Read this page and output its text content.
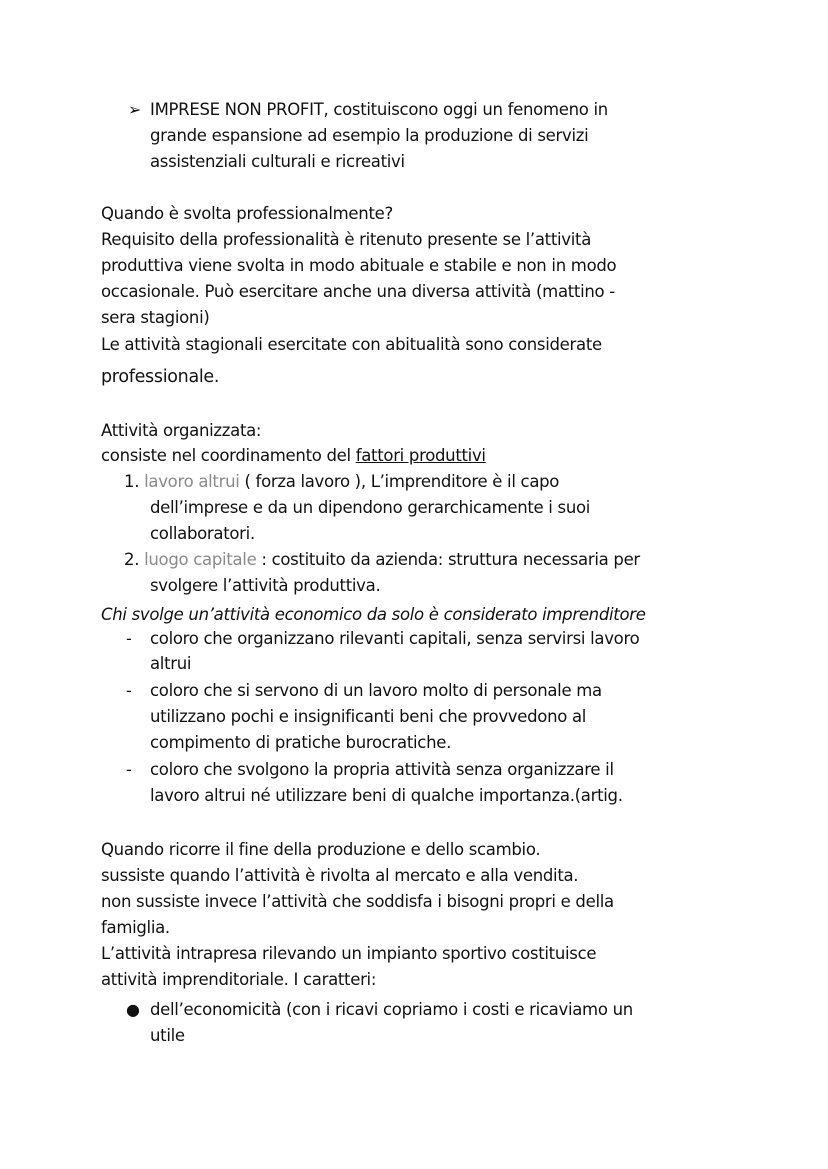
➢ IMPRESE NON PROFIT, costituiscono oggi un fenomeno in
grande espansione ad esempio la produzione di servizi
assistenziali culturali e ricreativi
Quando è svolta professionalmente?
Requisito della professionalità è ritenuto presente se l’attività
produttiva viene svolta in modo abituale e stabile e non in modo
occasionale. Può esercitare anche una diversa attività (mattino -
sera stagioni)
Le attività stagionali esercitate con abitualità sono considerate
professionale.
Attività organizzata:
consiste nel coordinamento del fattori produttivi
1. lavoro altrui ( forza lavoro ), L’imprenditore è il capo
dell’imprese e da un dipendono gerarchicamente i suoi
collaboratori.
2. luogo capitale : costituito da azienda: struttura necessaria per
svolgere l’attività produttiva.
Chi svolge un’attività economico da solo è considerato imprenditore
- coloro che organizzano rilevanti capitali, senza servirsi lavoro
altrui
- coloro che si servono di un lavoro molto di personale ma
utilizzano pochi e insignificanti beni che provvedono al
compimento di pratiche burocratiche.
- coloro che svolgono la propria attività senza organizzare il
lavoro altrui né utilizzare beni di qualche importanza.(artig.
Quando ricorre il fine della produzione e dello scambio.
sussiste quando l’attività è rivolta al mercato e alla vendita.
non sussiste invece l’attività che soddisfa i bisogni propri e della
famiglia.
L’attività intrapresa rilevando un impianto sportivo costituisce
attività imprenditoriale. I caratteri:
● dell’economicità (con i ricavi copriamo i costi e ricaviamo un
utile
